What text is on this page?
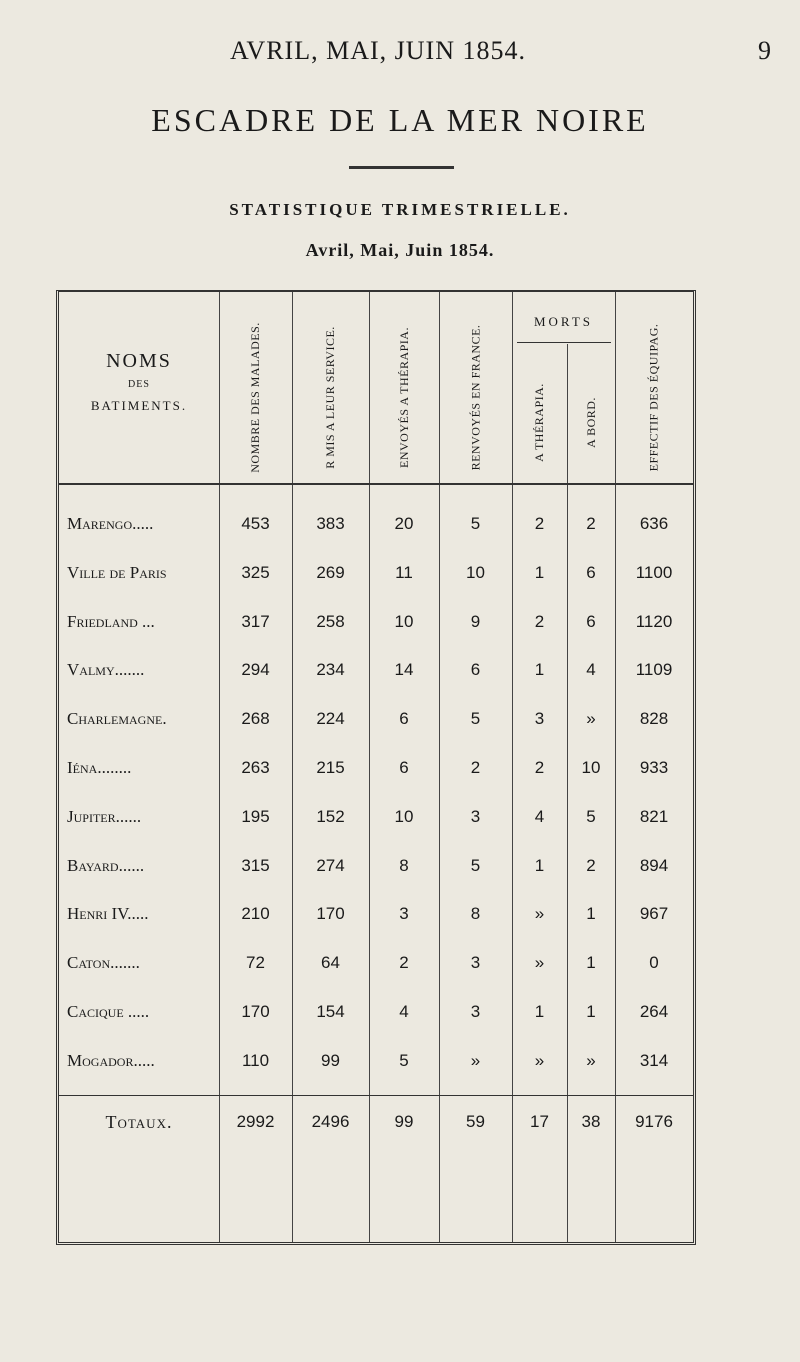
AVRIL, MAI, JUIN 1854.	9
ESCADRE DE LA MER NOIRE
STATISTIQUE TRIMESTRIELLE.
Avril, Mai, Juin 1854.
NOMS
DES
BATIMENTS.	NOMBRE DES MALADES.	R MIS A LEUR SERVICE.	ENVOYÉS A THÉRAPIA.	RENVOYÉS EN FRANCE.
MORTS
A THÉRAPIA.	A BORD.	EFFECTIF DES ÉQUIPAG.
Marengo.....	453	383	20	5	2	2	636
Ville de Paris	325	269	11	10	1	6	1100
Friedland ...	317	258	10	9	2	6	1120
Valmy.......	294	234	14	6	1	4	1109
Charlemagne.	268	224	6	5	3	»	828
Iéna........	263	215	6	2	2	10	933
Jupiter......	195	152	10	3	4	5	821
Bayard......	315	274	8	5	1	2	894
Henri IV.....	210	170	3	8	»	1	967
Caton.......	72	64	2	3	»	1	0
Cacique .....	170	154	4	3	1	1	264
Mogador.....	110	99	5	»	»	»	314
Totaux.	2992	2496	99	59	17	38	9176
